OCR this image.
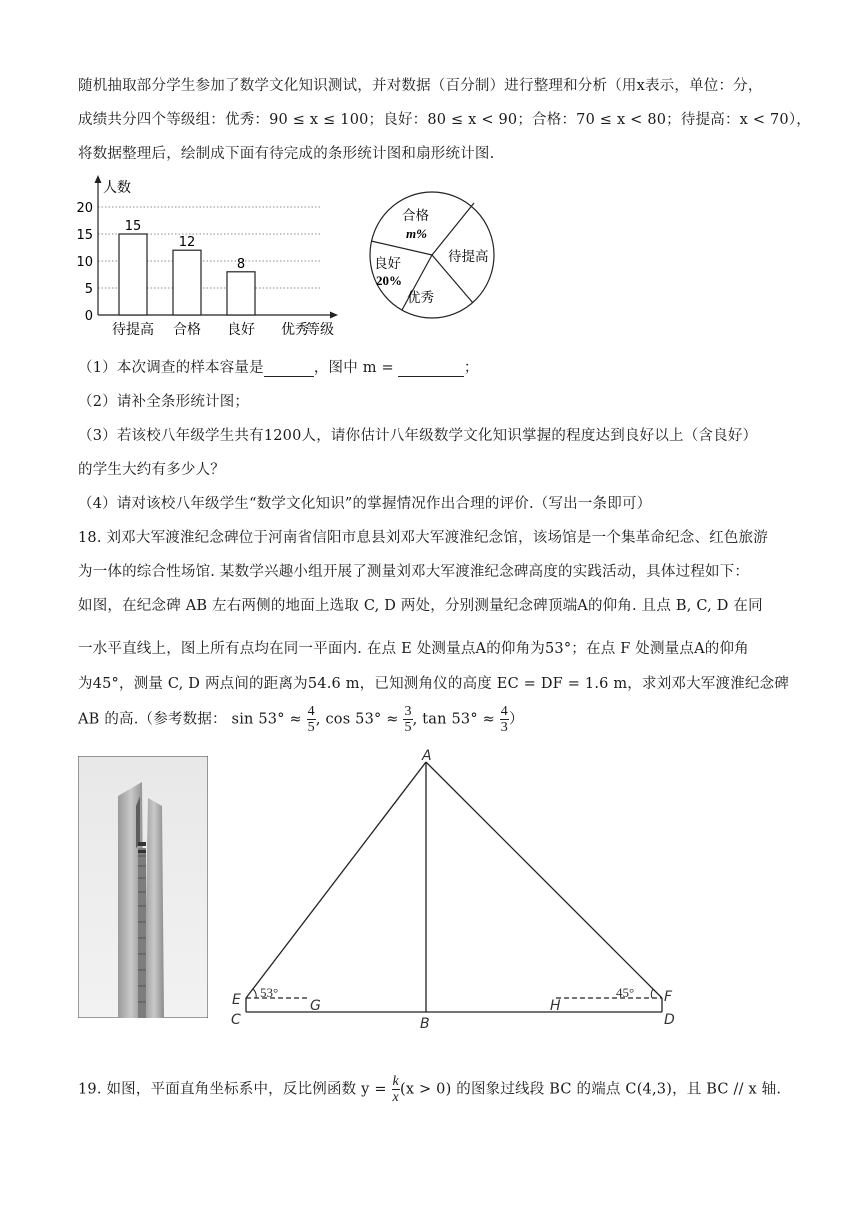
随机抽取部分学生参加了数学文化知识测试，并对数据（百分制）进行整理和分析（用x表示，单位：分，
成绩共分四个等级组：优秀：90 ≤ x ≤ 100；良好：80 ≤ x < 90；合格：70 ≤ x < 80；待提高：x < 70），
将数据整理后，绘制成下面有待完成的条形统计图和扇形统计图.
人数
等级
0
5
10
15
20
15
12
8
待提高 合格 良好 优秀
合格
m%
待提高
优秀
良好
20%
（1）本次调查的样本容量是	，图中 m =	；
（2）请补全条形统计图；
（3）若该校八年级学生共有1200人，请你估计八年级数学文化知识掌握的程度达到良好以上（含良好）
的学生大约有多少人？
（4）请对该校八年级学生“数学文化知识”的掌握情况作出合理的评价.（写出一条即可）
18. 刘邓大军渡淮纪念碑位于河南省信阳市息县刘邓大军渡淮纪念馆，该场馆是一个集革命纪念、红色旅游
为一体的综合性场馆. 某数学兴趣小组开展了测量刘邓大军渡淮纪念碑高度的实践活动，具体过程如下：
如图，在纪念碑 AB 左右两侧的地面上选取 C, D 两处，分别测量纪念碑顶端A的仰角. 且点 B, C, D 在同
一水平直线上，图上所有点均在同一平面内. 在点 E 处测量点A的仰角为53°；在点 F 处测量点A的仰角
为45°，测量 C, D 两点间的距离为54.6 m，已知测角仪的高度 EC = DF = 1.6 m，求刘邓大军渡淮纪念碑
AB 的高.（参考数据： $\sin 53^\circ \approx \frac{4}{5}$ , $\cos 53^\circ \approx \frac{3}{5}$ , $\tan 53^\circ \approx \frac{4}{3}$ ）
A
B
C	D
E	F
G	H
53°	45°
19. 如图，平面直角坐标系中，反比例函数 $y = \frac{k}{x} (x > 0)$ 的图象过线段 BC 的端点 C(4,3)，且 BC // x 轴.
